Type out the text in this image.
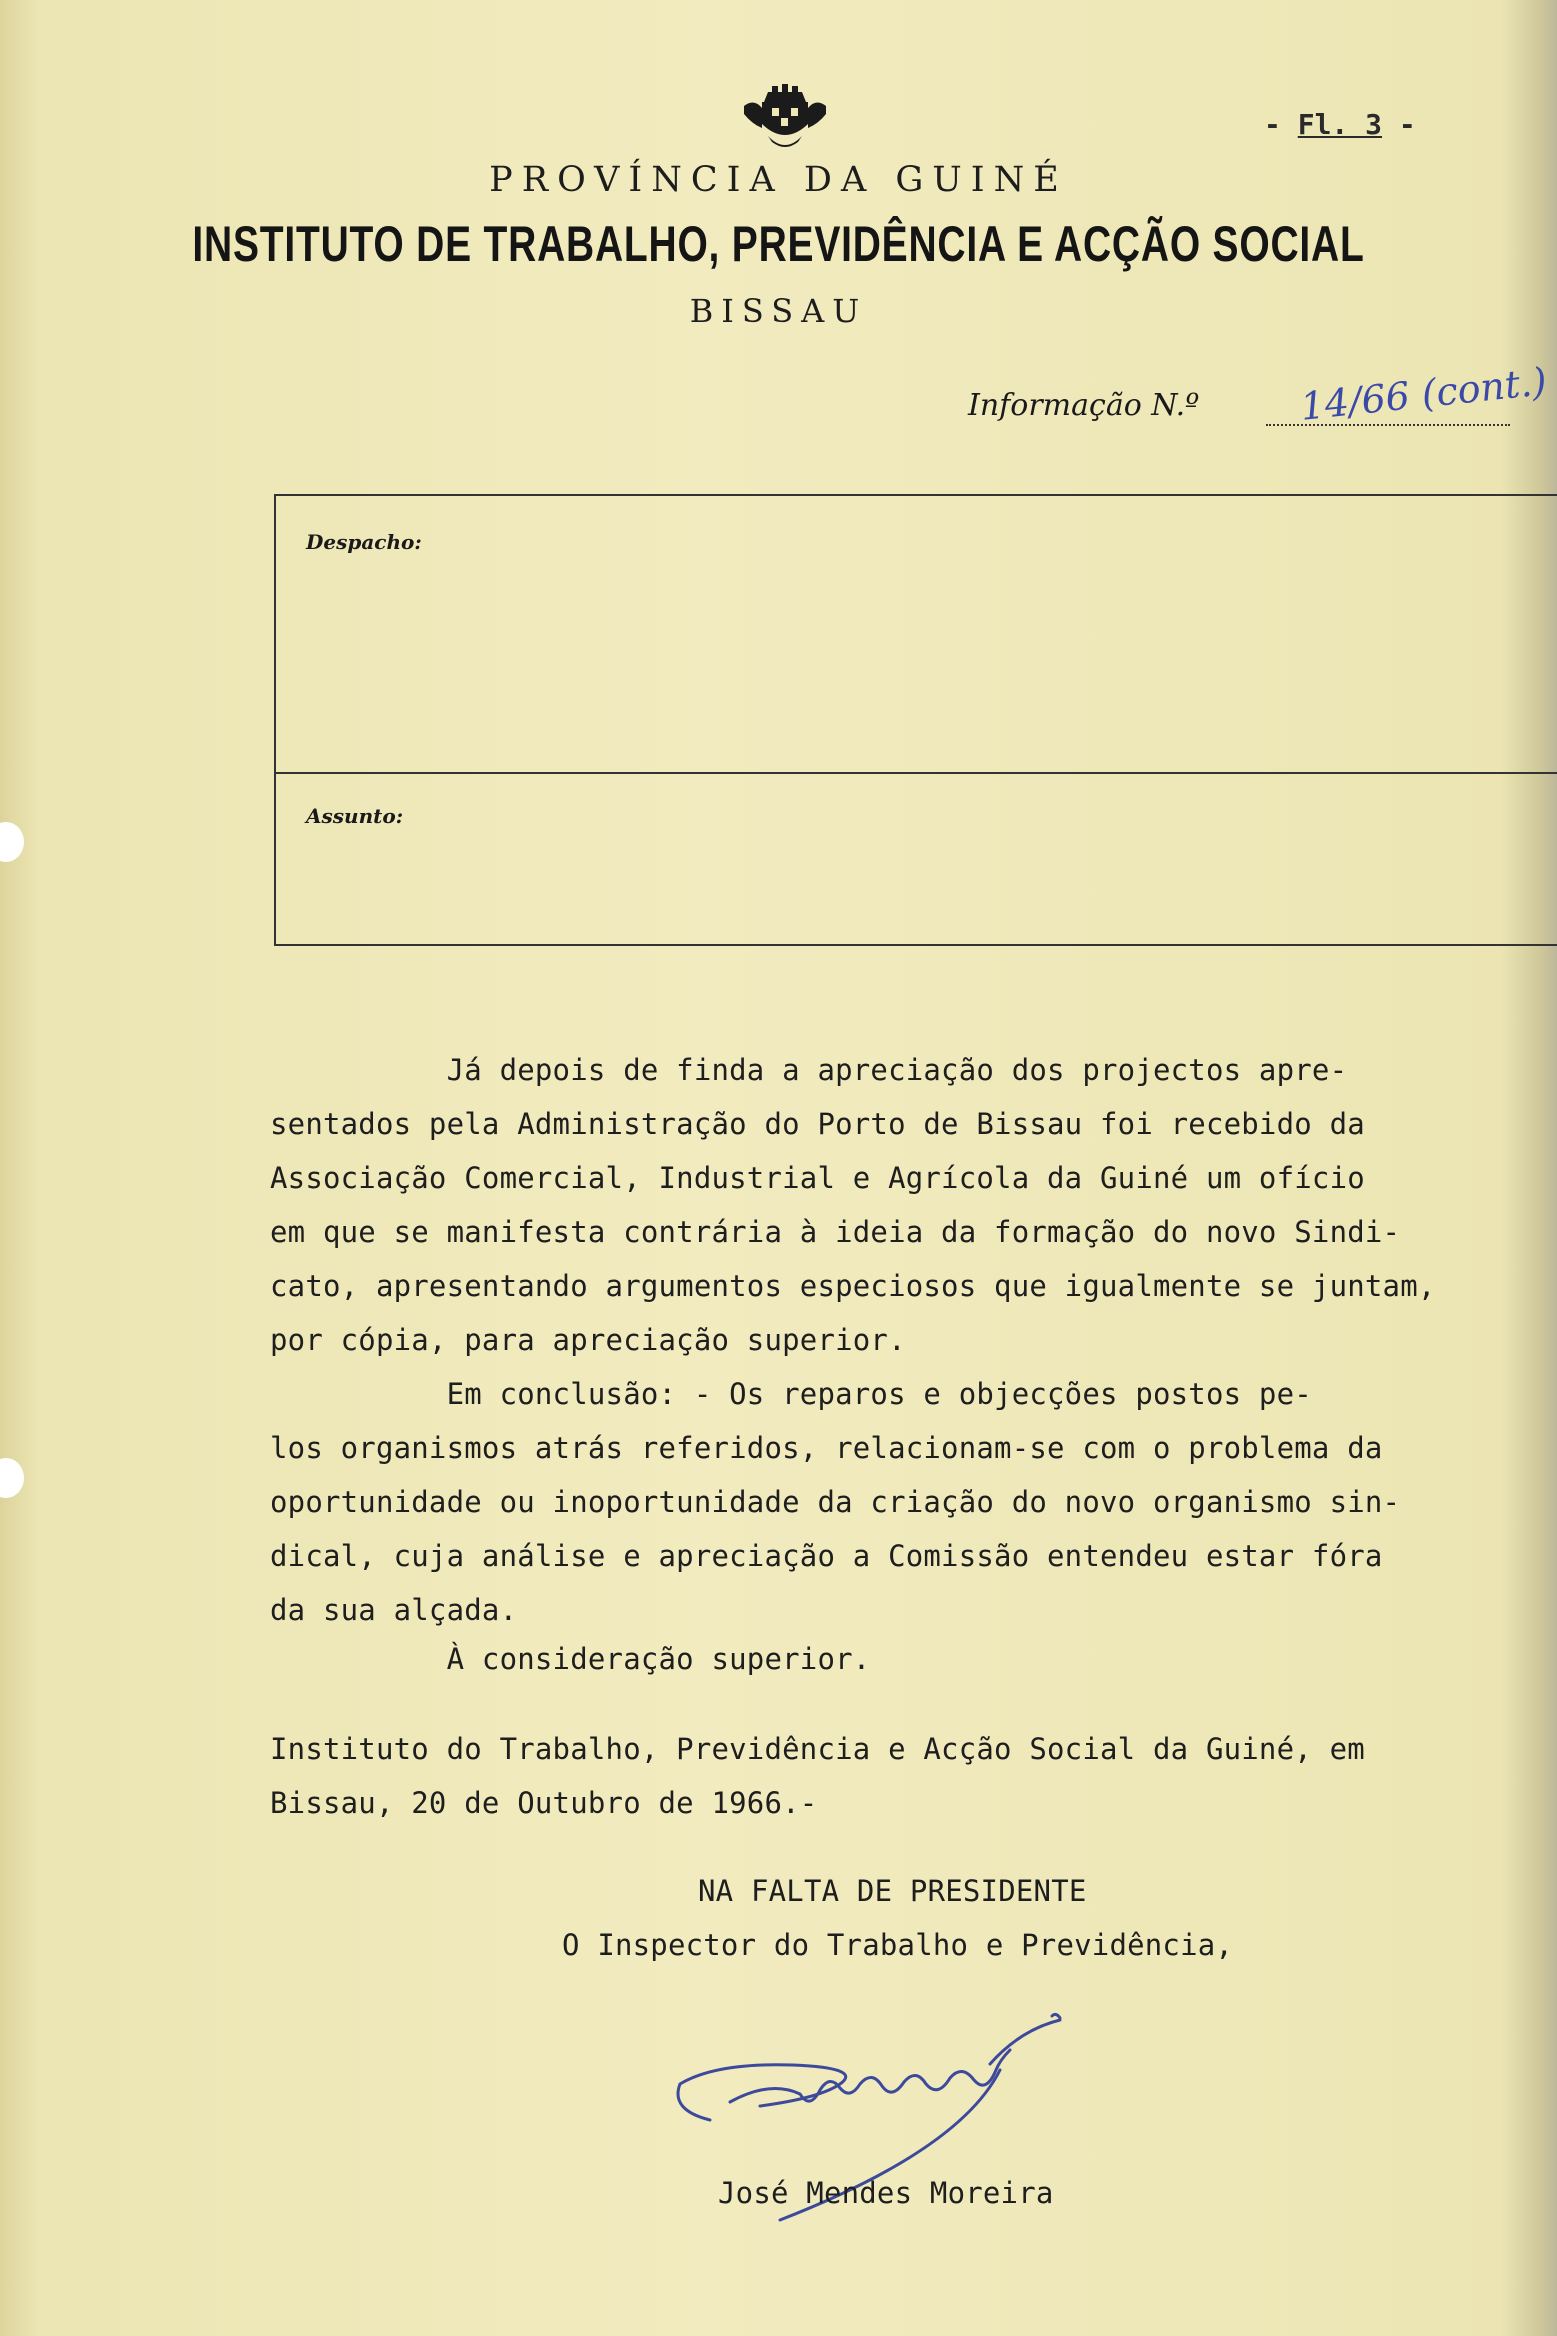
- Fl. 3 -
PROVÍNCIA DA GUINÉ
INSTITUTO DE TRABALHO, PREVIDÊNCIA E ACÇÃO SOCIAL
BISSAU
Informação N.º	14/66 (cont.)
Despacho:
Assunto:
Já depois de finda a apreciação dos projectos apre-
sentados pela Administração do Porto de Bissau foi recebido da
Associação Comercial, Industrial e Agrícola da Guiné um ofício
em que se manifesta contrária à ideia da formação do novo Sindi-
cato, apresentando argumentos especiosos que igualmente se juntam,
por cópia, para apreciação superior.
Em conclusão: - Os reparos e objecções postos pe-
los organismos atrás referidos, relacionam-se com o problema da
oportunidade ou inoportunidade da criação do novo organismo sin-
dical, cuja análise e apreciação a Comissão entendeu estar fóra
da sua alçada.
À consideração superior.
Instituto do Trabalho, Previdência e Acção Social da Guiné, em
Bissau, 20 de Outubro de 1966.-
NA FALTA DE PRESIDENTE
O Inspector do Trabalho e Previdência,
José Mendes Moreira
